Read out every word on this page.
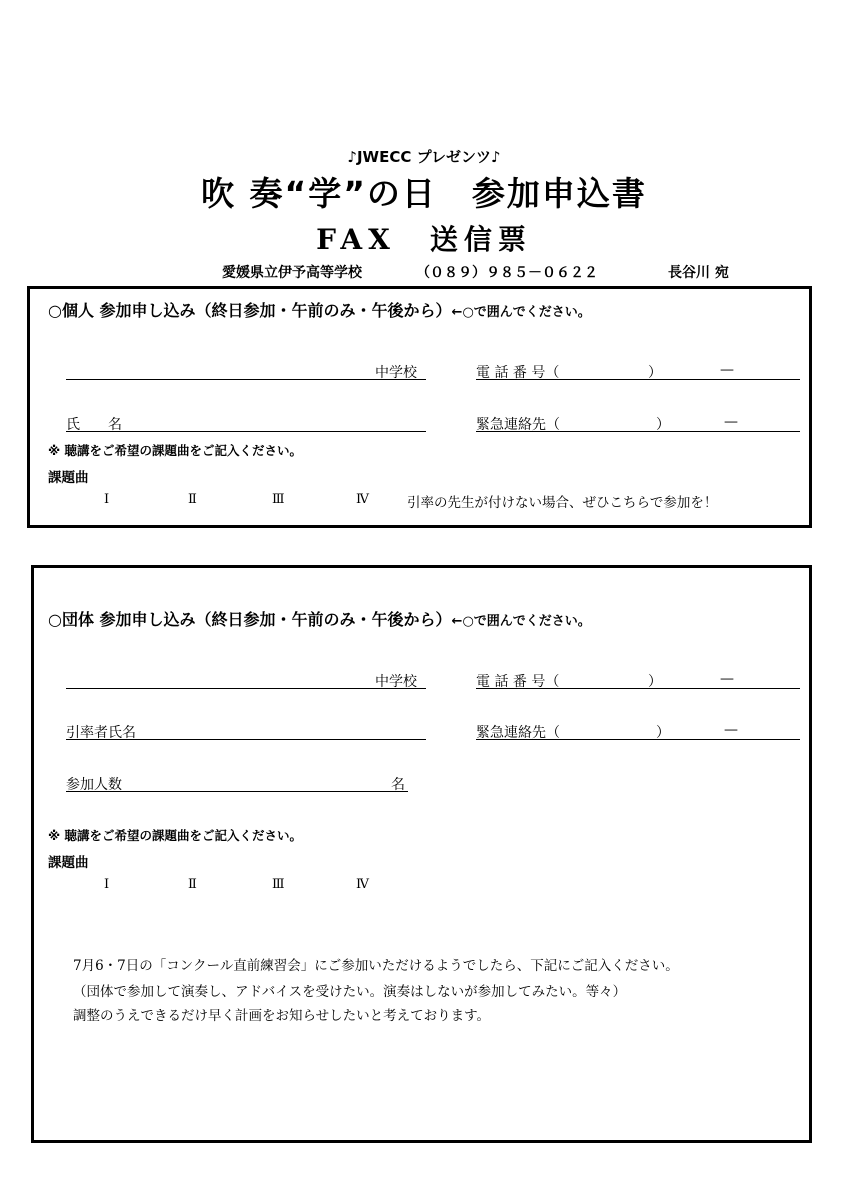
♪JWECC プレゼンツ♪
吹 奏“学”の日　参加申込書
FAX　送信票
愛媛県立伊予高等学校	（０８９）９８５－０６２２	長谷川 宛
○個人 参加申し込み（終日参加・午前のみ・午後から）←○で囲んでください。
中学校	電 話 番 号（	）	—
氏　　名	緊急連絡先（	）	—
※ 聴講をご希望の課題曲をご記入ください。
課題曲
Ⅰ	Ⅱ	Ⅲ	Ⅳ	引率の先生が付けない場合、ぜひこちらで参加を！
○団体 参加申し込み（終日参加・午前のみ・午後から）←○で囲んでください。
中学校	電 話 番 号（	）	—
引率者氏名	緊急連絡先（	）	—
参加人数	名
※ 聴講をご希望の課題曲をご記入ください。
課題曲
Ⅰ	Ⅱ	Ⅲ	Ⅳ
7月6・7日の「コンクール直前練習会」にご参加いただけるようでしたら、下記にご記入ください。
（団体で参加して演奏し、アドバイスを受けたい。演奏はしないが参加してみたい。等々）
調整のうえできるだけ早く計画をお知らせしたいと考えております。
